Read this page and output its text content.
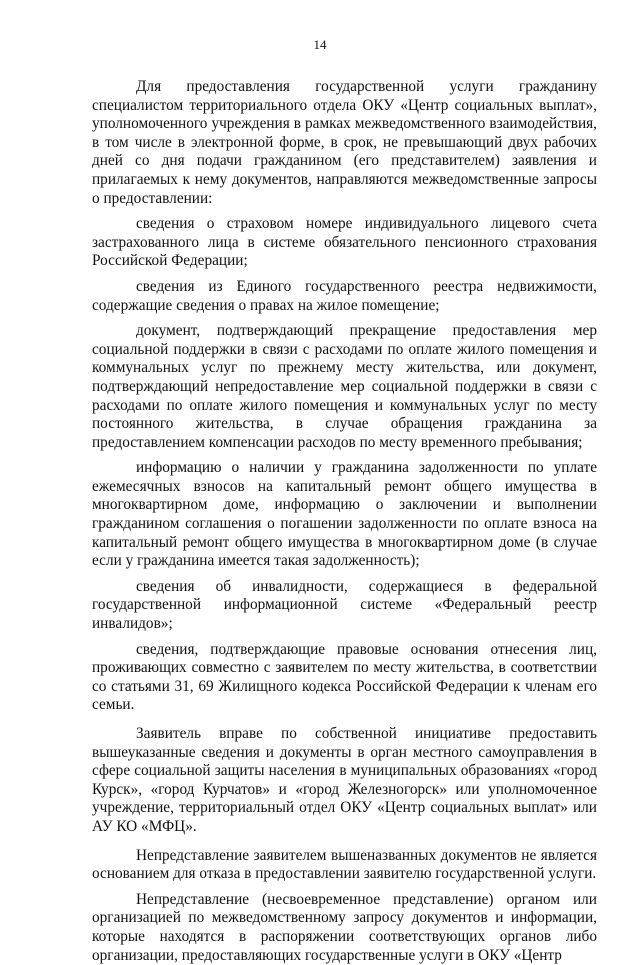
14

Для предоставления государственной услуги гражданину специалистом территориального отдела ОКУ «Центр социальных выплат», уполномоченного учреждения в рамках межведомственного взаимодействия, в том числе в электронной форме, в срок, не превышающий двух рабочих дней со дня подачи гражданином (его представителем) заявления и прилагаемых к нему документов, направляются межведомственные запросы о предоставлении:

сведения о страховом номере индивидуального лицевого счета застрахованного лица в системе обязательного пенсионного страхования Российской Федерации;

сведения из Единого государственного реестра недвижимости, содержащие сведения о правах на жилое помещение;

документ, подтверждающий прекращение предоставления мер социальной поддержки в связи с расходами по оплате жилого помещения и коммунальных услуг по прежнему месту жительства, или документ, подтверждающий непредоставление мер социальной поддержки в связи с расходами по оплате жилого помещения и коммунальных услуг по месту постоянного жительства, в случае обращения гражданина за предоставлением компенсации расходов по месту временного пребывания;

информацию о наличии у гражданина задолженности по уплате ежемесячных взносов на капитальный ремонт общего имущества в многоквартирном доме, информацию о заключении и выполнении гражданином соглашения о погашении задолженности по оплате взноса на капитальный ремонт общего имущества в многоквартирном доме (в случае если у гражданина имеется такая задолженность);

сведения об инвалидности, содержащиеся в федеральной государственной информационной системе «Федеральный реестр инвалидов»;

сведения, подтверждающие правовые основания отнесения лиц, проживающих совместно с заявителем по месту жительства, в соответствии со статьями 31, 69 Жилищного кодекса Российской Федерации к членам его семьи.

Заявитель вправе по собственной инициативе предоставить вышеуказанные сведения и документы в орган местного самоуправления в сфере социальной защиты населения в муниципальных образованиях «город Курск», «город Курчатов» и «город Железногорск» или уполномоченное учреждение, территориальный отдел ОКУ «Центр социальных выплат» или АУ КО «МФЦ».

Непредставление заявителем вышеназванных документов не является основанием для отказа в предоставлении заявителю государственной услуги.

Непредставление (несвоевременное представление) органом или организацией по межведомственному запросу документов и информации, которые находятся в распоряжении соответствующих органов либо организации, предоставляющих государственные услуги в ОКУ «Центр
